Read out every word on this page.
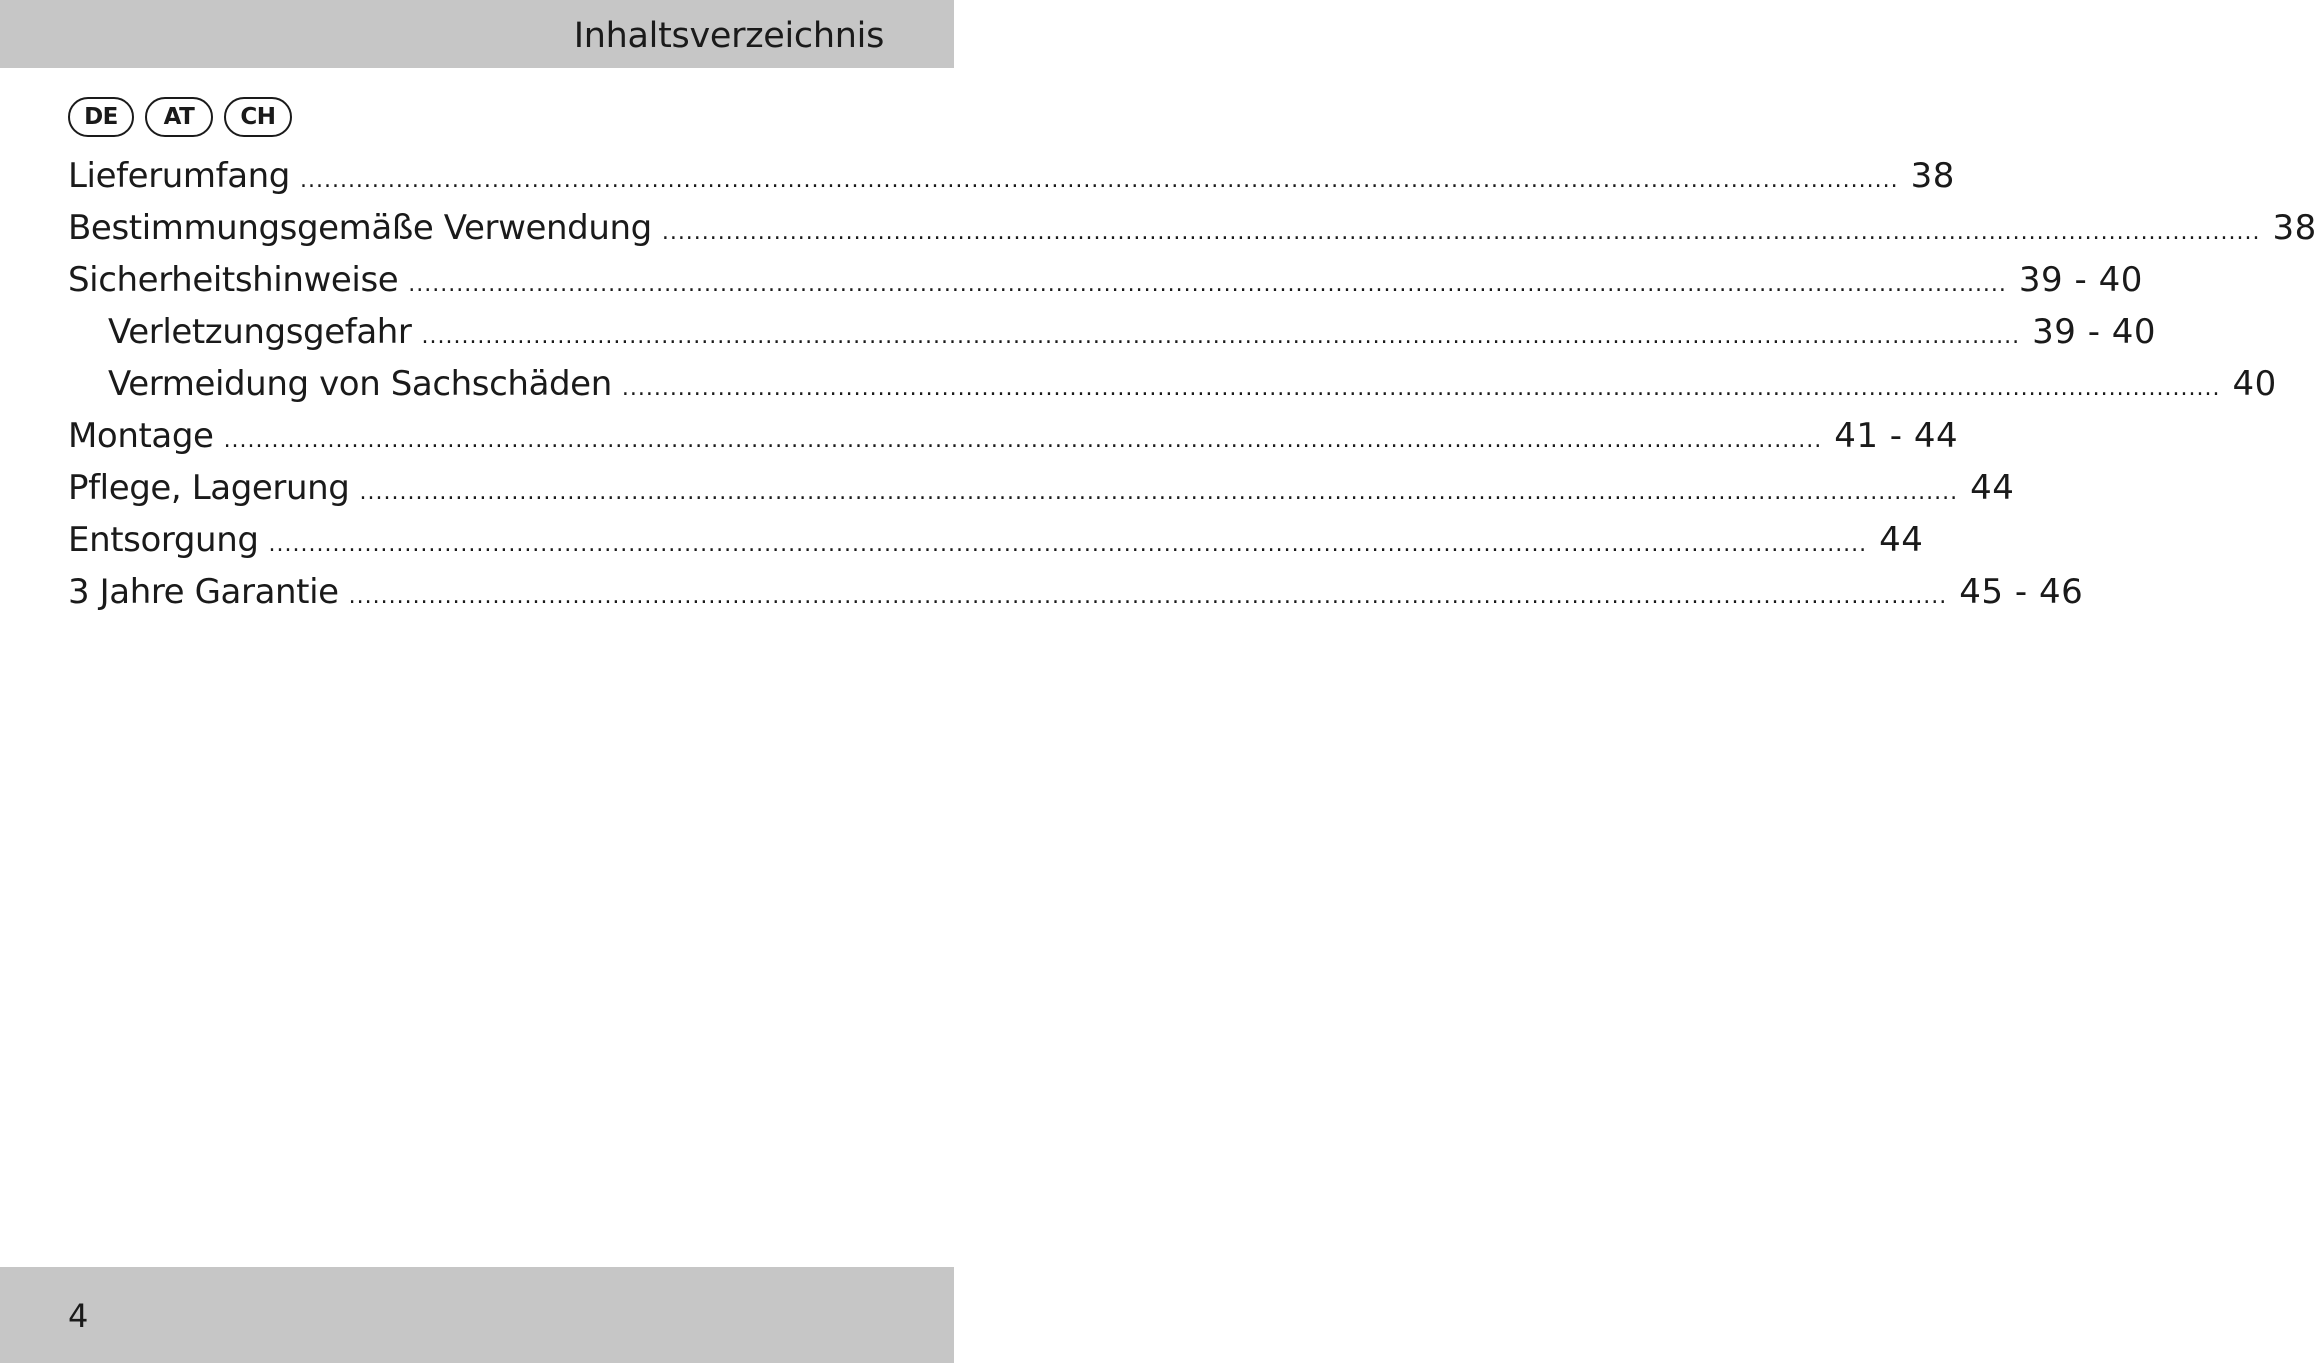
Inhaltsverzeichnis
DE	AT	CH
Lieferumfang ........................................................................................................................................................................................................ 38
Bestimmungsgemäße Verwendung ........................................................................................................................................................................................................ 38
Sicherheitshinweise ........................................................................................................................................................................................................ 39 - 40
Verletzungsgefahr ........................................................................................................................................................................................................ 39 - 40
Vermeidung von Sachschäden ........................................................................................................................................................................................................ 40
Montage ........................................................................................................................................................................................................ 41 - 44
Pflege, Lagerung ........................................................................................................................................................................................................ 44
Entsorgung ........................................................................................................................................................................................................ 44
3 Jahre Garantie ........................................................................................................................................................................................................ 45 - 46
4
